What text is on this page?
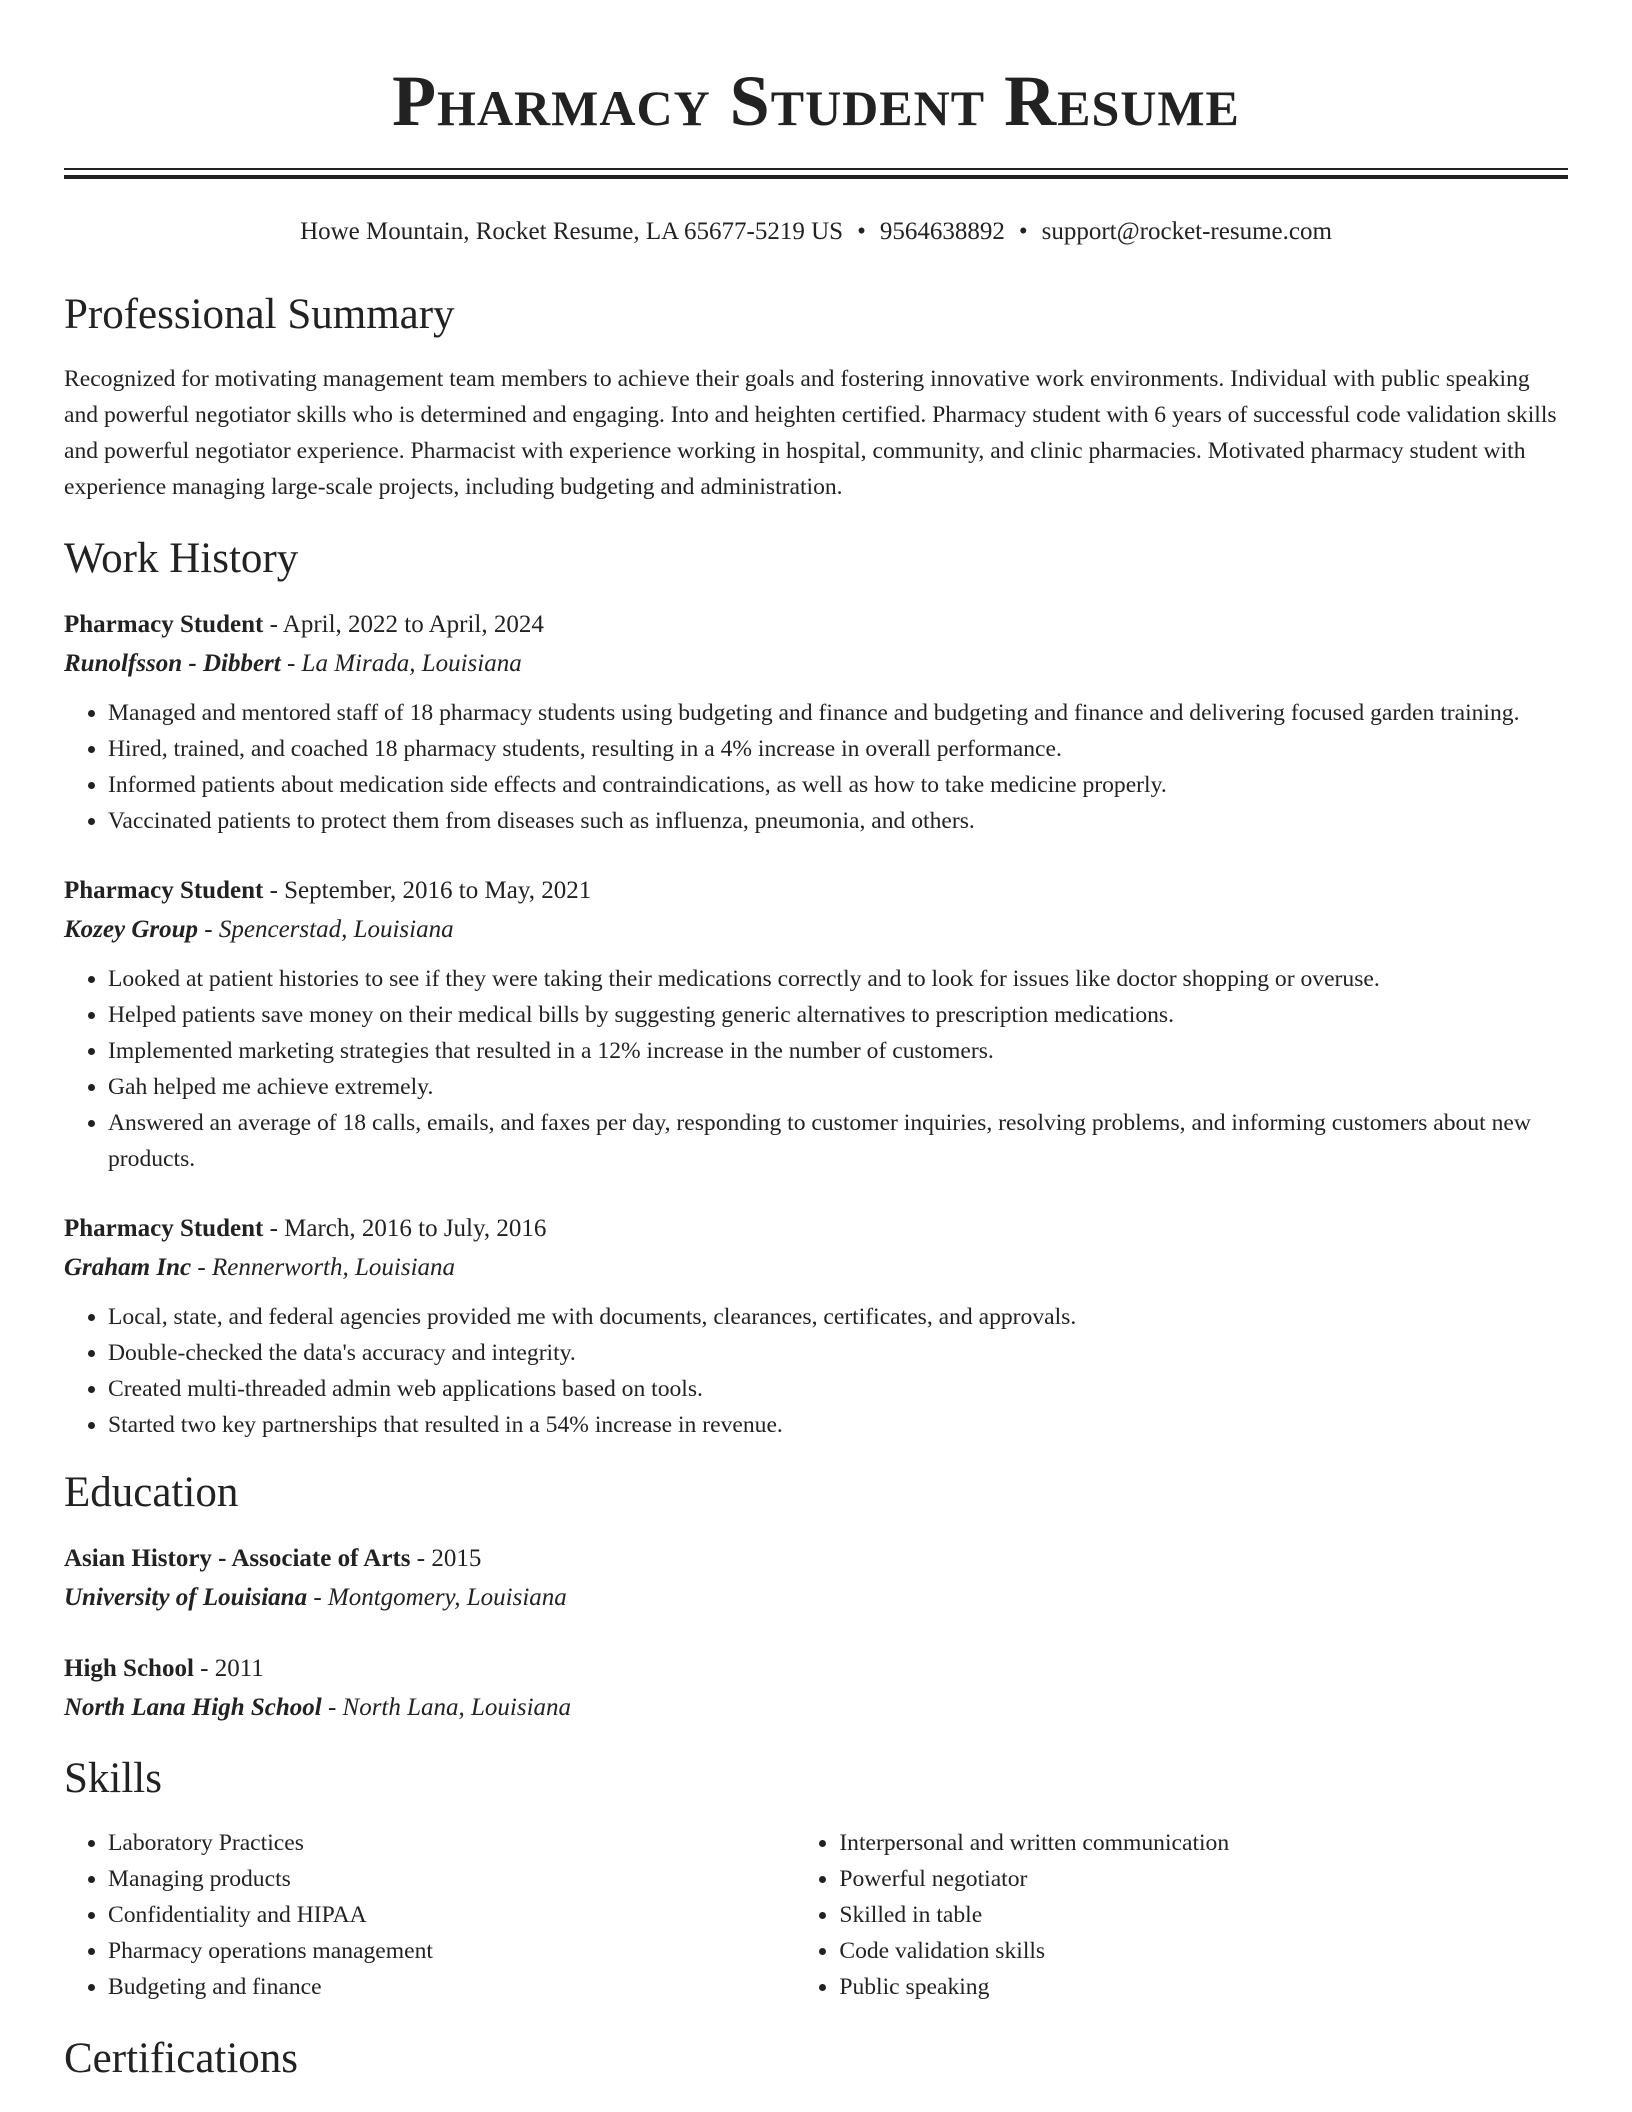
Pharmacy Student Resume
Howe Mountain, Rocket Resume, LA 65677-5219 US • 9564638892 • support@rocket-resume.com
Professional Summary
Recognized for motivating management team members to achieve their goals and fostering innovative work environments. Individual with public speaking and powerful negotiator skills who is determined and engaging. Into and heighten certified. Pharmacy student with 6 years of successful code validation skills and powerful negotiator experience. Pharmacist with experience working in hospital, community, and clinic pharmacies. Motivated pharmacy student with experience managing large-scale projects, including budgeting and administration.
Work History
Pharmacy Student - April, 2022 to April, 2024
Runolfsson - Dibbert - La Mirada, Louisiana
• Managed and mentored staff of 18 pharmacy students using budgeting and finance and budgeting and finance and delivering focused garden training.
• Hired, trained, and coached 18 pharmacy students, resulting in a 4% increase in overall performance.
• Informed patients about medication side effects and contraindications, as well as how to take medicine properly.
• Vaccinated patients to protect them from diseases such as influenza, pneumonia, and others.
Pharmacy Student - September, 2016 to May, 2021
Kozey Group - Spencerstad, Louisiana
• Looked at patient histories to see if they were taking their medications correctly and to look for issues like doctor shopping or overuse.
• Helped patients save money on their medical bills by suggesting generic alternatives to prescription medications.
• Implemented marketing strategies that resulted in a 12% increase in the number of customers.
• Gah helped me achieve extremely.
• Answered an average of 18 calls, emails, and faxes per day, responding to customer inquiries, resolving problems, and informing customers about new products.
Pharmacy Student - March, 2016 to July, 2016
Graham Inc - Rennerworth, Louisiana
• Local, state, and federal agencies provided me with documents, clearances, certificates, and approvals.
• Double-checked the data's accuracy and integrity.
• Created multi-threaded admin web applications based on tools.
• Started two key partnerships that resulted in a 54% increase in revenue.
Education
Asian History - Associate of Arts - 2015
University of Louisiana - Montgomery, Louisiana
High School - 2011
North Lana High School - North Lana, Louisiana
Skills
• Laboratory Practices
• Managing products
• Confidentiality and HIPAA
• Pharmacy operations management
• Budgeting and finance
• Interpersonal and written communication
• Powerful negotiator
• Skilled in table
• Code validation skills
• Public speaking
Certifications
